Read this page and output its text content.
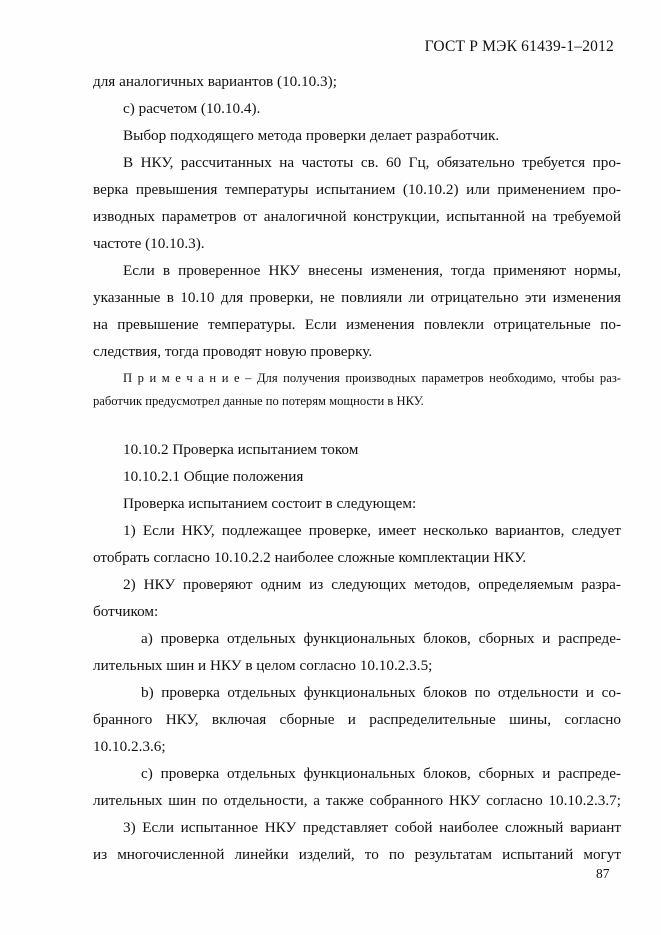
ГОСТ Р МЭК 61439-1–2012
для аналогичных вариантов (10.10.3);
c) расчетом (10.10.4).
Выбор подходящего метода проверки делает разработчик.
В НКУ, рассчитанных на частоты св. 60 Гц, обязательно требуется про-
верка превышения температуры испытанием (10.10.2) или применением про-
изводных параметров от аналогичной конструкции, испытанной на требуемой
частоте (10.10.3).
Если в проверенное НКУ внесены изменения, тогда применяют нормы,
указанные в 10.10 для проверки, не повлияли ли отрицательно эти изменения
на превышение температуры. Если изменения повлекли отрицательные по-
следствия, тогда проводят новую проверку.
П р и м е ч а н и е – Для получения производных параметров необходимо, чтобы раз-
работчик предусмотрел данные по потерям мощности в НКУ.
10.10.2 Проверка испытанием током
10.10.2.1 Общие положения
Проверка испытанием состоит в следующем:
1) Если НКУ, подлежащее проверке, имеет несколько вариантов, следует
отобрать согласно 10.10.2.2 наиболее сложные комплектации НКУ.
2) НКУ проверяют одним из следующих методов, определяемым разра-
ботчиком:
a) проверка отдельных функциональных блоков, сборных и распреде-
лительных шин и НКУ в целом согласно 10.10.2.3.5;
b) проверка отдельных функциональных блоков по отдельности и со-
бранного НКУ, включая сборные и распределительные шины, согласно
10.10.2.3.6;
c) проверка отдельных функциональных блоков, сборных и распреде-
лительных шин по отдельности, а также собранного НКУ согласно 10.10.2.3.7;
3) Если испытанное НКУ представляет собой наиболее сложный вариант
из многочисленной линейки изделий, то по результатам испытаний могут
87
